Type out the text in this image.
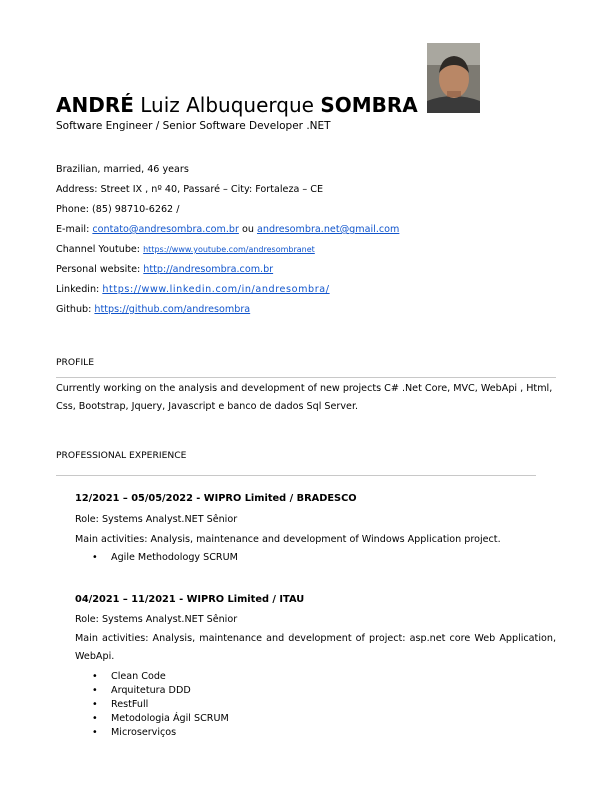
ANDRÉ Luiz Albuquerque SOMBRA
Software Engineer / Senior Software Developer .NET
Brazilian, married, 46 years
Address: Street IX , nº 40, Passaré – City: Fortaleza – CE
Phone: (85) 98710-6262 /
E-mail: contato@andresombra.com.br ou andresombra.net@gmail.com
Channel Youtube: https://www.youtube.com/andresombranet
Personal website: http://andresombra.com.br
Linkedin: https://www.linkedin.com/in/andresombra/
Github: https://github.com/andresombra
PROFILE
Currently working on the analysis and development of new projects C# .Net Core, MVC, WebApi , Html, Css, Bootstrap, Jquery, Javascript e banco de dados Sql Server.
PROFESSIONAL EXPERIENCE
12/2021 – 05/05/2022 - WIPRO Limited / BRADESCO
Role: Systems Analyst.NET Sênior
Main activities: Analysis, maintenance and development of Windows Application project.
• Agile Methodology SCRUM
04/2021 – 11/2021 - WIPRO Limited / ITAU
Role: Systems Analyst.NET Sênior
Main activities: Analysis, maintenance and development of project: asp.net core Web Application, WebApi.
• Clean Code
• Arquitetura DDD
• RestFull
• Metodologia Ágil SCRUM
• Microserviços
